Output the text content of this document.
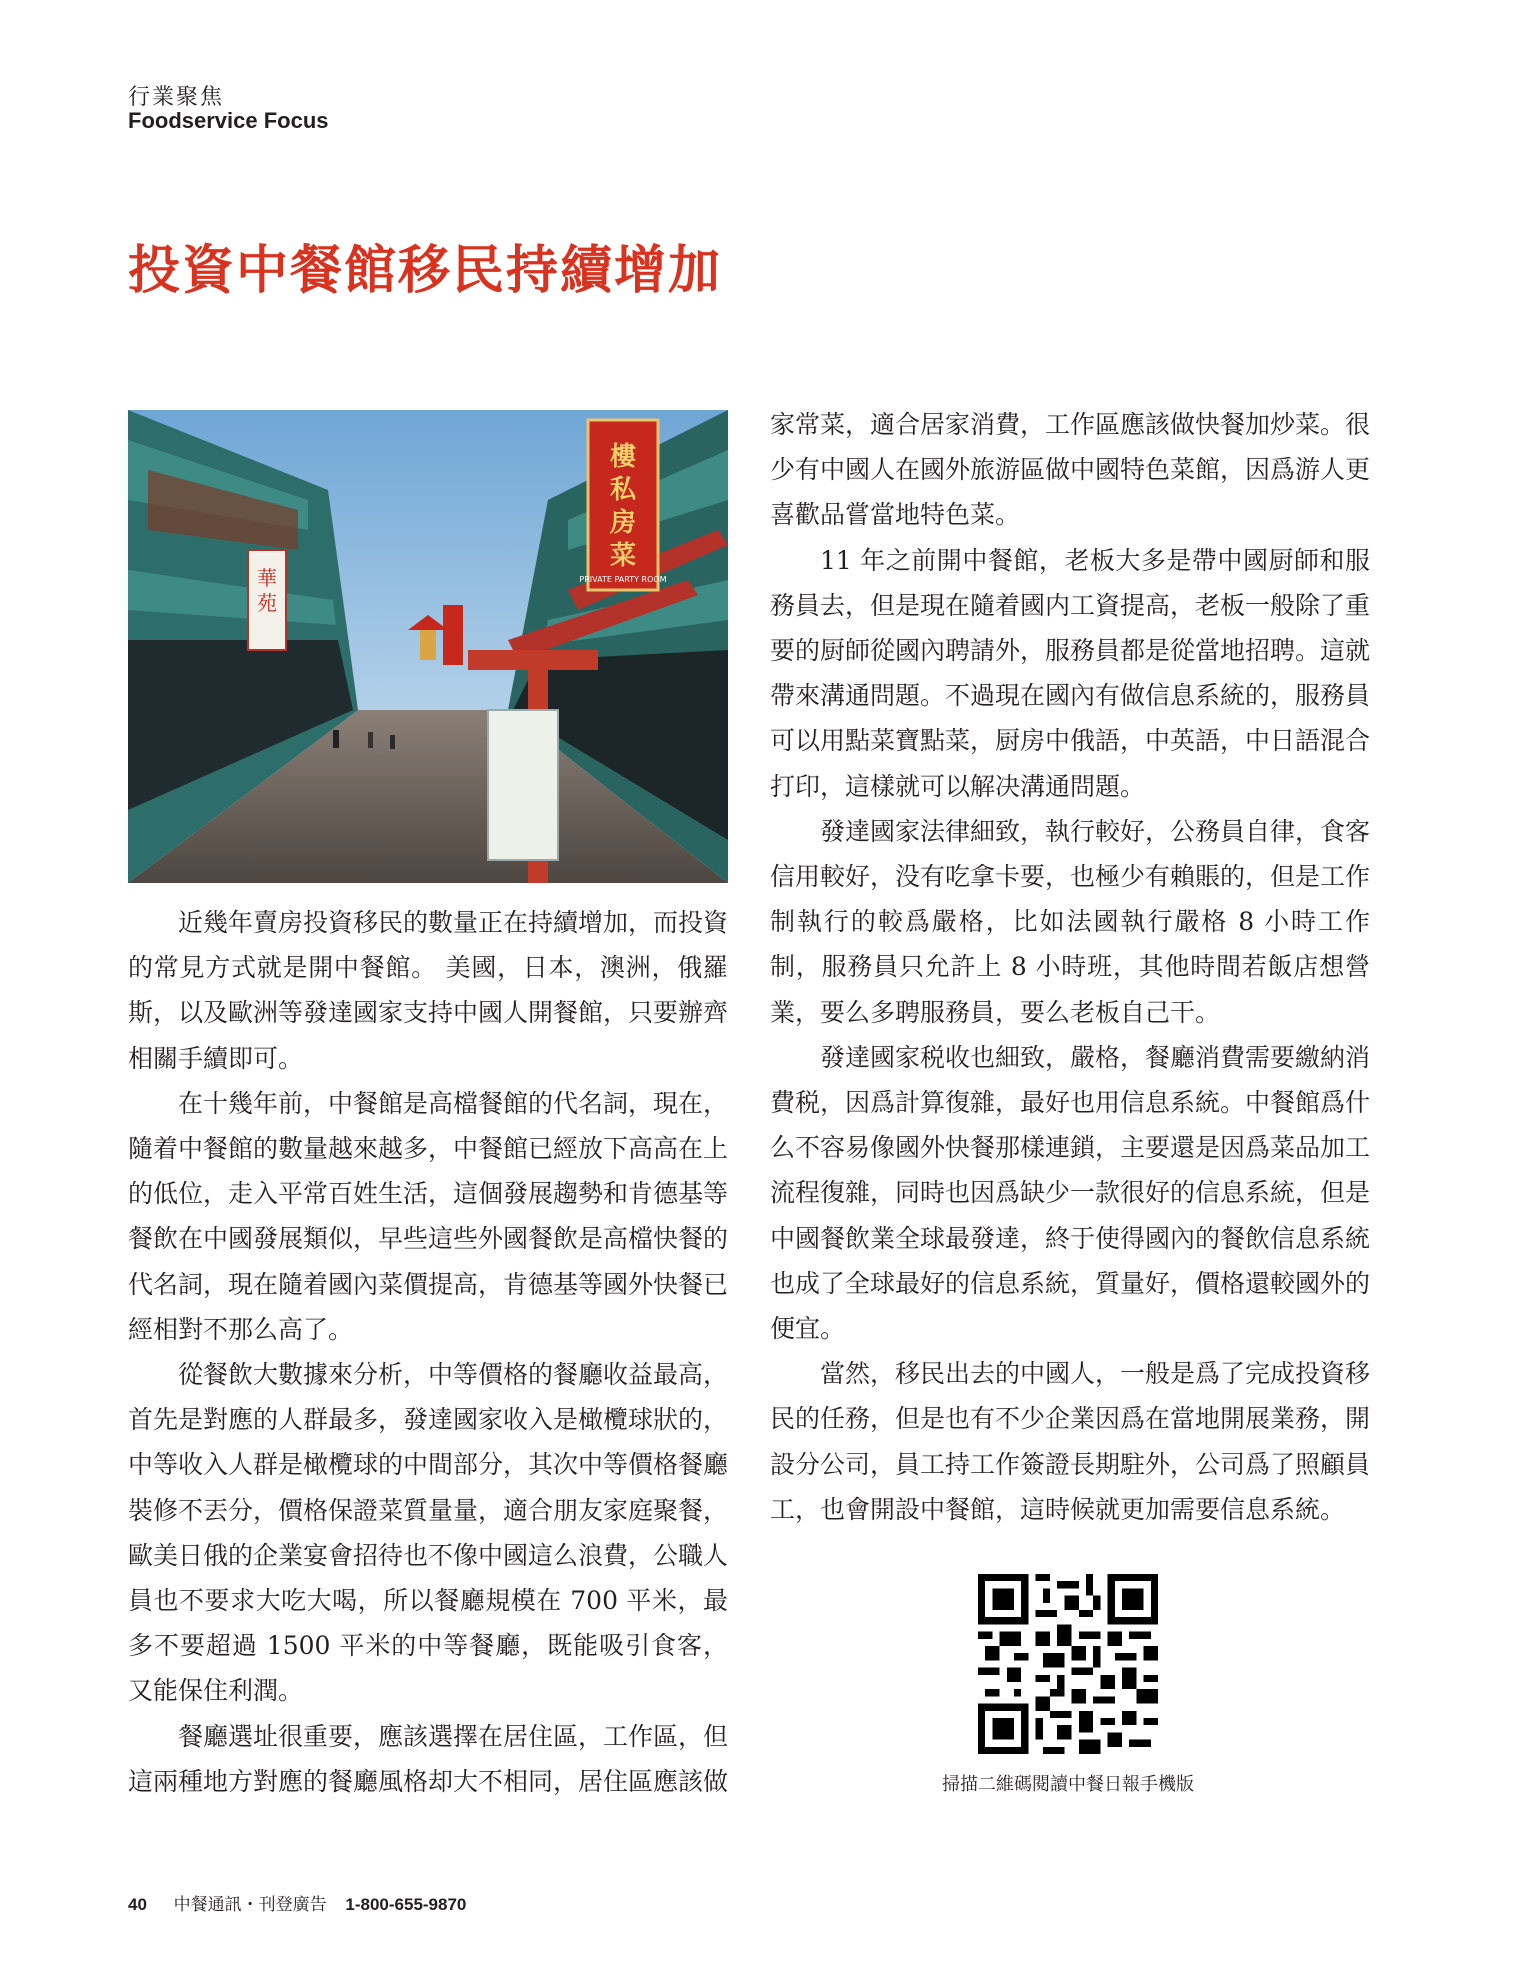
行業聚焦
Foodservice Focus
投資中餐館移民持續增加
樓
私
房
菜
PRIVATE PARTY ROOM
華
苑

近幾年賣房投資移民的數量正在持續增加，而投資的常見方式就是開中餐館。 美國，日本，澳洲，俄羅斯，以及歐洲等發達國家支持中國人開餐館，只要辦齊相關手續即可。

在十幾年前，中餐館是高檔餐館的代名詞，現在，隨着中餐館的數量越來越多，中餐館已經放下高高在上的低位，走入平常百姓生活，這個發展趨勢和肯德基等餐飲在中國發展類似，早些這些外國餐飲是高檔快餐的代名詞，現在隨着國內菜價提高，肯德基等國外快餐已經相對不那么高了。

從餐飲大數據來分析，中等價格的餐廳收益最高，首先是對應的人群最多，發達國家收入是橄欖球狀的，中等收入人群是橄欖球的中間部分，其次中等價格餐廳裝修不丟分，價格保證菜質量量，適合朋友家庭聚餐，歐美日俄的企業宴會招待也不像中國這么浪費，公職人員也不要求大吃大喝，所以餐廳規模在 700 平米，最多不要超過 1500 平米的中等餐廳，既能吸引食客，又能保住利潤。

餐廳選址很重要，應該選擇在居住區，工作區，但這兩種地方對應的餐廳風格却大不相同，居住區應該做

家常菜，適合居家消費，工作區應該做快餐加炒菜。很少有中國人在國外旅游區做中國特色菜館，因爲游人更喜歡品嘗當地特色菜。

11 年之前開中餐館，老板大多是帶中國厨師和服務員去，但是現在隨着國内工資提高，老板一般除了重要的厨師從國內聘請外，服務員都是從當地招聘。這就帶來溝通問題。不過現在國內有做信息系統的，服務員可以用點菜寶點菜，厨房中俄語，中英語，中日語混合打印，這樣就可以解决溝通問題。

發達國家法律細致，執行較好，公務員自律，食客信用較好，没有吃拿卡要，也極少有賴賬的，但是工作制執行的較爲嚴格，比如法國執行嚴格 8 小時工作制，服務員只允許上 8 小時班，其他時間若飯店想營業，要么多聘服務員，要么老板自己干。

發達國家税收也細致，嚴格，餐廳消費需要繳納消費税，因爲計算復雜，最好也用信息系統。中餐館爲什么不容易像國外快餐那樣連鎖，主要還是因爲菜品加工流程復雜，同時也因爲缺少一款很好的信息系統，但是中國餐飲業全球最發達，終于使得國內的餐飲信息系統也成了全球最好的信息系統，質量好，價格還較國外的便宜。

當然，移民出去的中國人，一般是爲了完成投資移民的任務，但是也有不少企業因爲在當地開展業務，開設分公司，員工持工作簽證長期駐外，公司爲了照顧員工，也會開設中餐館，這時候就更加需要信息系統。

掃描二維碼閱讀中餐日報手機版
40 中餐通訊・刊登廣告 1-800-655-9870
